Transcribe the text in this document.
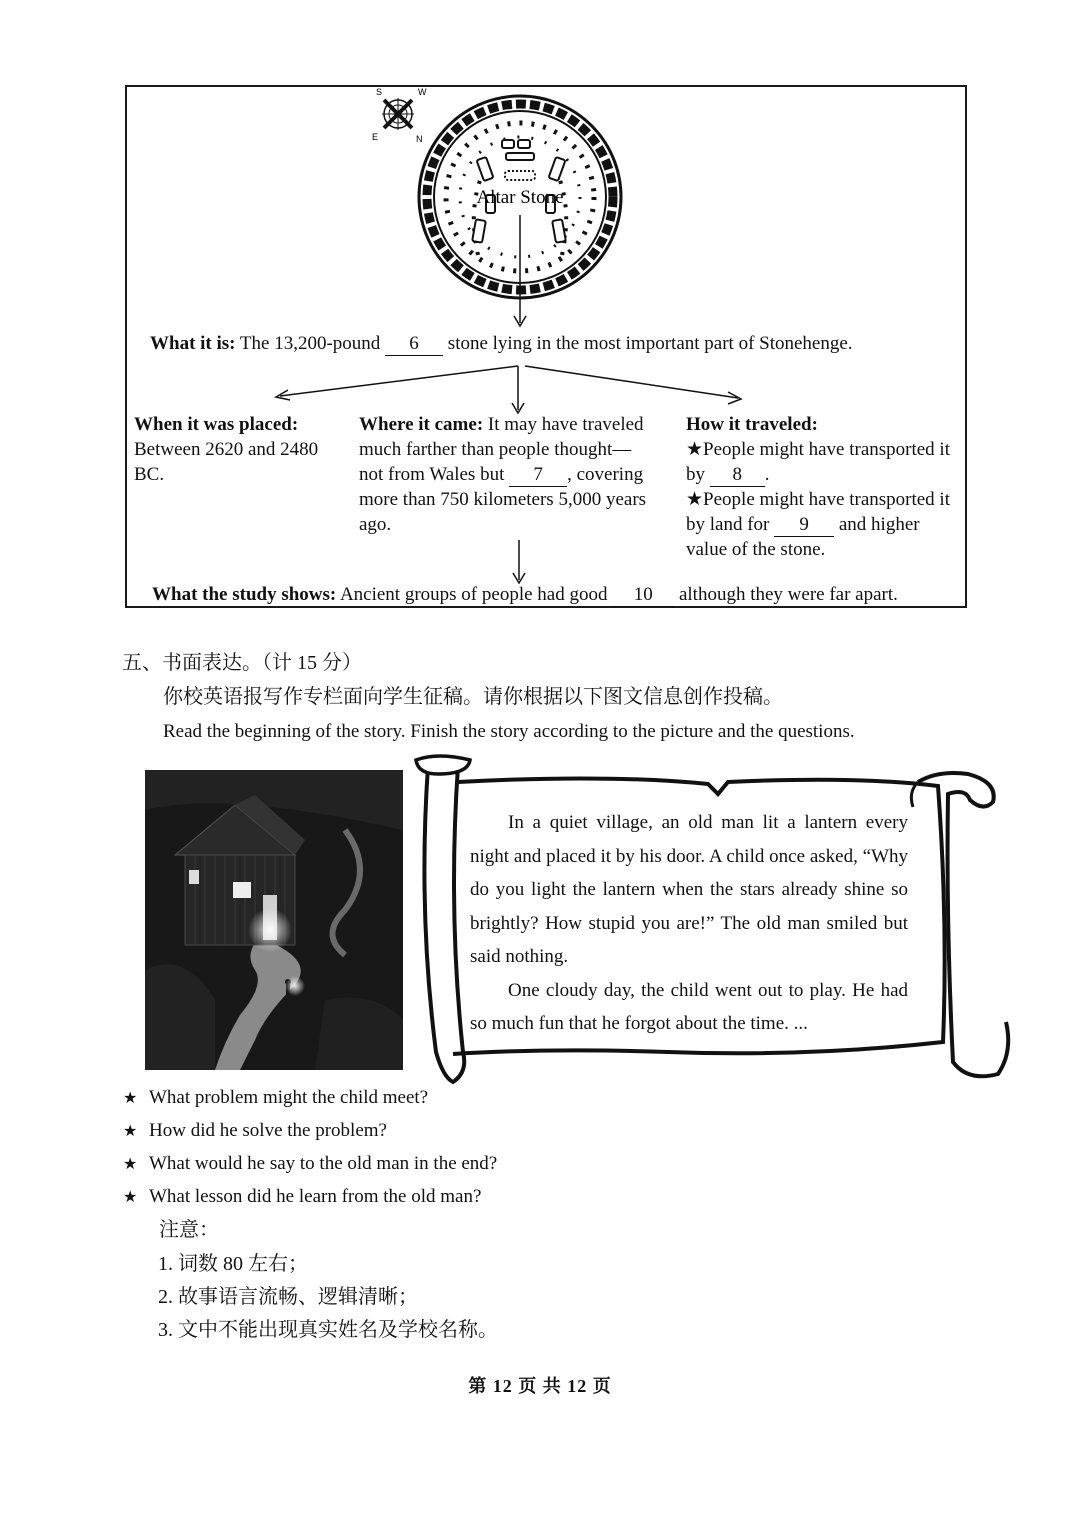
S	W
E	N
Altar Stone
What it is: The 13,200-pound 6 stone lying in the most important part of Stonehenge.
When it was placed:
Between 2620 and 2480 BC.
Where it came: It may have traveled much farther than people thought— not from Wales but 7 , covering more than 750 kilometers 5,000 years ago.
How it traveled:
★People might have transported it by 8 .
★People might have transported it by land for 9 and higher value of the stone.
What the study shows: Ancient groups of people had good 10 although they were far apart.
五、书面表达。（计 15 分）
你校英语报写作专栏面向学生征稿。请你根据以下图文信息创作投稿。
Read the beginning of the story. Finish the story according to the picture and the questions.

In a quiet village, an old man lit a lantern every night and placed it by his door. A child once asked, “Why do you light the lantern when the stars already shine so brightly? How stupid you are!” The old man smiled but said nothing.

One cloudy day, the child went out to play. He had so much fun that he forgot about the time. ...

★ What problem might the child meet?
★ How did he solve the problem?
★ What would he say to the old man in the end?
★ What lesson did he learn from the old man?
注意：
1. 词数 80 左右；
2. 故事语言流畅、逻辑清晰；
3. 文中不能出现真实姓名及学校名称。
第 12 页 共 12 页
